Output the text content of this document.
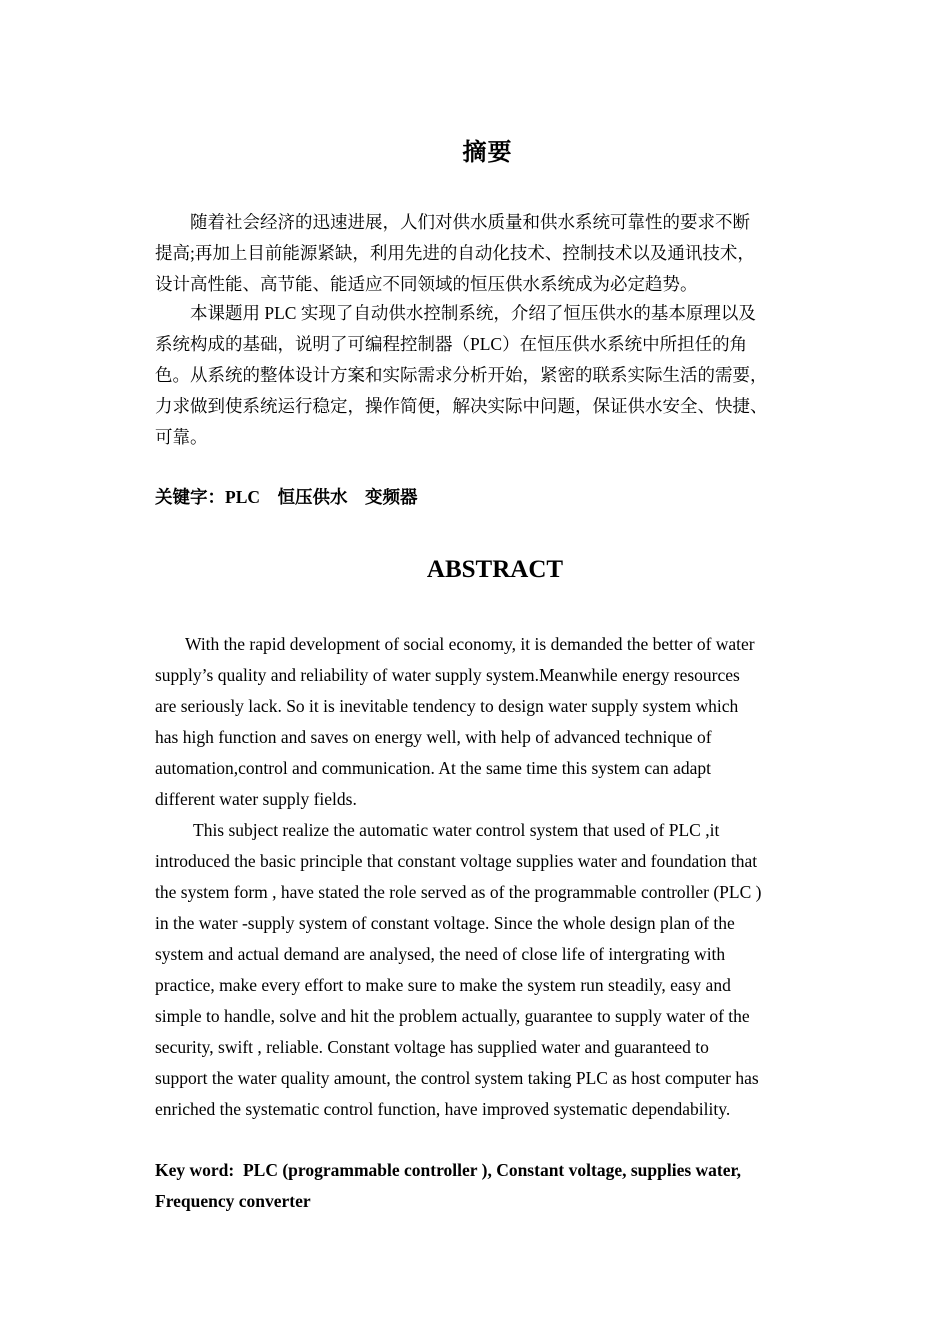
摘要
随着社会经济的迅速进展，人们对供水质量和供水系统可靠性的要求不断
提高;再加上目前能源紧缺，利用先进的自动化技术、控制技术以及通讯技术，
设计高性能、高节能、能适应不同领域的恒压供水系统成为必定趋势。
本课题用 PLC 实现了自动供水控制系统，介绍了恒压供水的基本原理以及
系统构成的基础，说明了可编程控制器（PLC）在恒压供水系统中所担任的角
色。从系统的整体设计方案和实际需求分析开始，紧密的联系实际生活的需要，
力求做到使系统运行稳定，操作简便，解决实际中问题，保证供水安全、快捷、
可靠。
关键字：PLC    恒压供水    变频器
ABSTRACT
With the rapid development of social economy, it is demanded the better of water
supply’s quality and reliability of water supply system.Meanwhile energy resources
are seriously lack. So it is inevitable tendency to design water supply system which
has high function and saves on energy well, with help of advanced technique of
automation,control and communication. At the same time this system can adapt
different water supply fields.
This subject realize the automatic water control system that used of PLC ,it
introduced the basic principle that constant voltage supplies water and foundation that
the system form , have stated the role served as of the programmable controller (PLC )
in the water -supply system of constant voltage. Since the whole design plan of the
system and actual demand are analysed, the need of close life of intergrating with
practice, make every effort to make sure to make the system run steadily, easy and
simple to handle, solve and hit the problem actually, guarantee to supply water of the
security, swift , reliable. Constant voltage has supplied water and guaranteed to
support the water quality amount, the control system taking PLC as host computer has
enriched the systematic control function, have improved systematic dependability.
Key word:  PLC (programmable controller ), Constant voltage, supplies water,
Frequency converter
